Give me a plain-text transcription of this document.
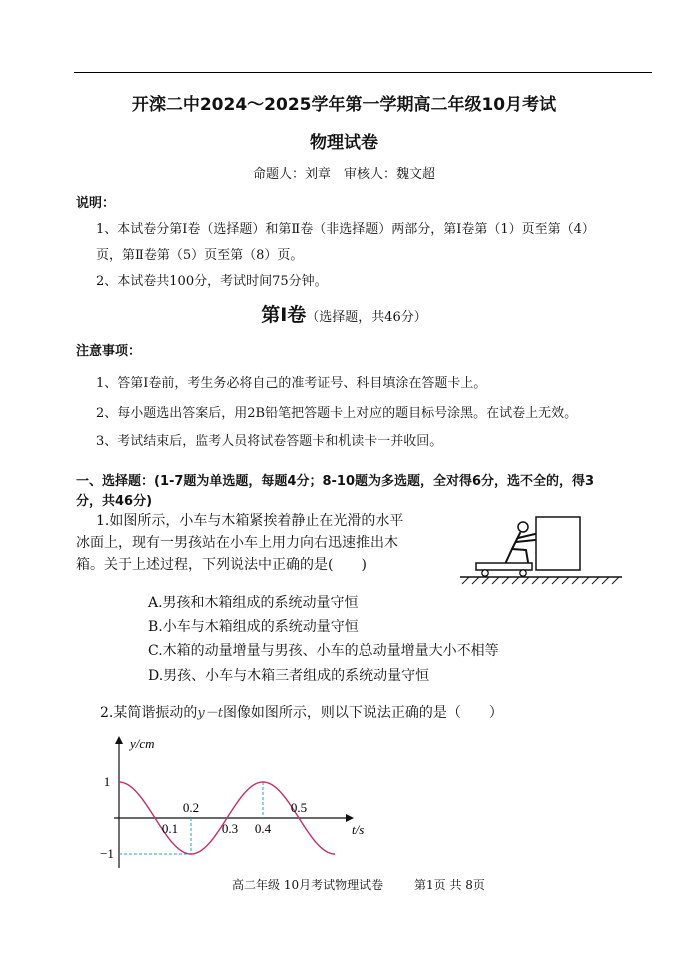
开滦二中2024～2025学年第一学期高二年级10月考试
物理试卷
命题人：刘章　审核人：魏文超
说明：
1、本试卷分第Ⅰ卷（选择题）和第Ⅱ卷（非选择题）两部分，第Ⅰ卷第（1）页至第（4）
页，第Ⅱ卷第（5）页至第（8）页。
2、本试卷共100分，考试时间75分钟。
第Ⅰ卷（选择题，共46分）
注意事项：
1、答第Ⅰ卷前，考生务必将自己的准考证号、科目填涂在答题卡上。
2、每小题选出答案后，用2B铅笔把答题卡上对应的题目标号涂黑。在试卷上无效。
3、考试结束后，监考人员将试卷答题卡和机读卡一并收回。
一、选择题：(1-7题为单选题，每题4分；8-10题为多选题，全对得6分，选不全的，得3
分，共46分)
1.如图所示，小车与木箱紧挨着静止在光滑的水平
冰面上，现有一男孩站在小车上用力向右迅速推出木
箱。关于上述过程，下列说法中正确的是(　　)
A.男孩和木箱组成的系统动量守恒
B.小车与木箱组成的系统动量守恒
C.木箱的动量增量与男孩、小车的总动量增量大小不相等
D.男孩、小车与木箱三者组成的系统动量守恒
2.某简谐振动的y－t图像如图所示，则以下说法正确的是（　　）
0.1
0.2
0.3 0.4
0.5
1
−1
y/cm
t/s
高二年级 10月考试物理试卷	第1页 共 8页
